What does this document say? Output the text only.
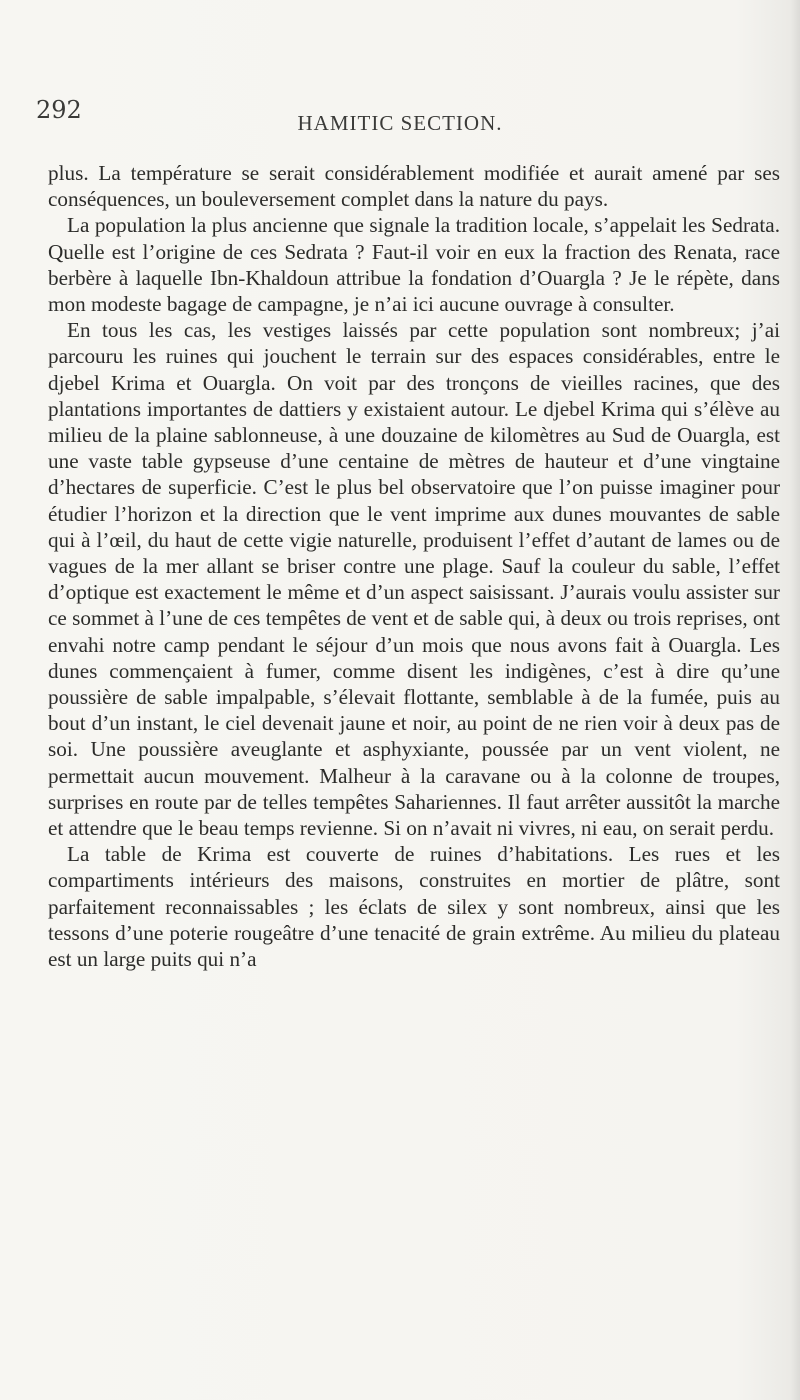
292	HAMITIC SECTION.

plus. La température se serait considérablement modifiée et aurait amené par ses conséquences, un bouleversement complet dans la nature du pays.

La population la plus ancienne que signale la tradition locale, s’appelait les Sedrata. Quelle est l’origine de ces Sedrata ? Faut-il voir en eux la fraction des Renata, race berbère à laquelle Ibn-Khaldoun attribue la fondation d’Ouargla ? Je le répète, dans mon modeste bagage de campagne, je n’ai ici aucune ouvrage à consulter.

En tous les cas, les vestiges laissés par cette population sont nombreux; j’ai parcouru les ruines qui jouchent le terrain sur des espaces considérables, entre le djebel Krima et Ouargla. On voit par des tronçons de vieilles racines, que des plantations importantes de dattiers y existaient autour. Le djebel Krima qui s’élève au milieu de la plaine sablonneuse, à une douzaine de kilomètres au Sud de Ouargla, est une vaste table gypseuse d’une centaine de mètres de hauteur et d’une vingtaine d’hectares de superficie. C’est le plus bel observatoire que l’on puisse imaginer pour étudier l’horizon et la direction que le vent imprime aux dunes mouvantes de sable qui à l’œil, du haut de cette vigie naturelle, produisent l’effet d’autant de lames ou de vagues de la mer allant se briser contre une plage. Sauf la couleur du sable, l’effet d’optique est exactement le même et d’un aspect saisissant. J’aurais voulu assister sur ce sommet à l’une de ces tempêtes de vent et de sable qui, à deux ou trois reprises, ont envahi notre camp pendant le séjour d’un mois que nous avons fait à Ouargla. Les dunes commençaient à fumer, comme disent les indigènes, c’est à dire qu’une poussière de sable impalpable, s’élevait flottante, semblable à de la fumée, puis au bout d’un instant, le ciel devenait jaune et noir, au point de ne rien voir à deux pas de soi. Une poussière aveuglante et asphyxiante, poussée par un vent violent, ne permettait aucun mouvement. Malheur à la caravane ou à la colonne de troupes, surprises en route par de telles tempêtes Sahariennes. Il faut arrêter aussitôt la marche et attendre que le beau temps revienne. Si on n’avait ni vivres, ni eau, on serait perdu.

La table de Krima est couverte de ruines d’habitations. Les rues et les compartiments intérieurs des maisons, construites en mortier de plâtre, sont parfaitement reconnaissables ; les éclats de silex y sont nombreux, ainsi que les tessons d’une poterie rougeâtre d’une tenacité de grain extrême. Au milieu du plateau est un large puits qui n’a
